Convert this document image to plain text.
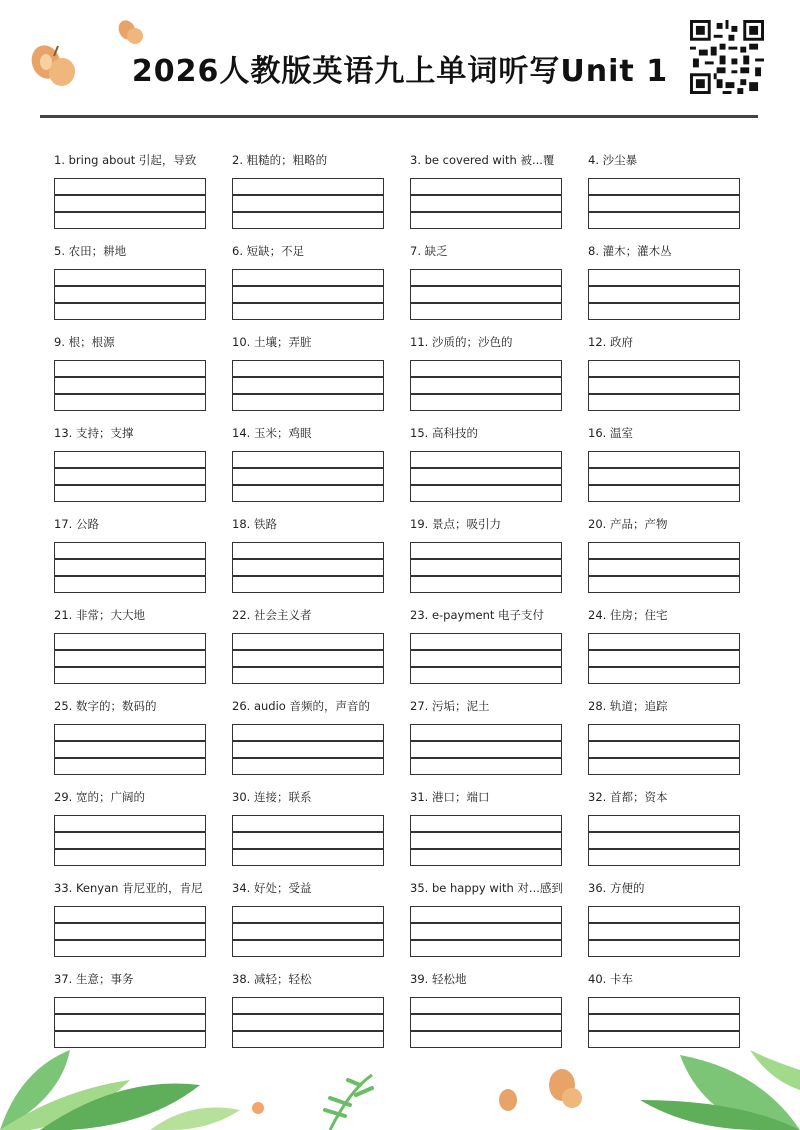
2026人教版英语九上单词听写Unit 1
1. bring about 引起，导致	2. 粗糙的；粗略的	3. be covered with 被...覆	4. 沙尘暴
5. 农田；耕地	6. 短缺；不足	7. 缺乏	8. 灌木；灌木丛
9. 根；根源	10. 土壤；弄脏	11. 沙质的；沙色的	12. 政府
13. 支持；支撑	14. 玉米；鸡眼	15. 高科技的	16. 温室
17. 公路	18. 铁路	19. 景点；吸引力	20. 产品；产物
21. 非常；大大地	22. 社会主义者	23. e-payment 电子支付	24. 住房；住宅
25. 数字的；数码的	26. audio 音频的，声音的	27. 污垢；泥土	28. 轨道；追踪
29. 宽的；广阔的	30. 连接；联系	31. 港口；端口	32. 首都；资本
33. Kenyan 肯尼亚的，肯尼	34. 好处；受益	35. be happy with 对...感到 36. 方便的
37. 生意；事务	38. 减轻；轻松	39. 轻松地	40. 卡车
